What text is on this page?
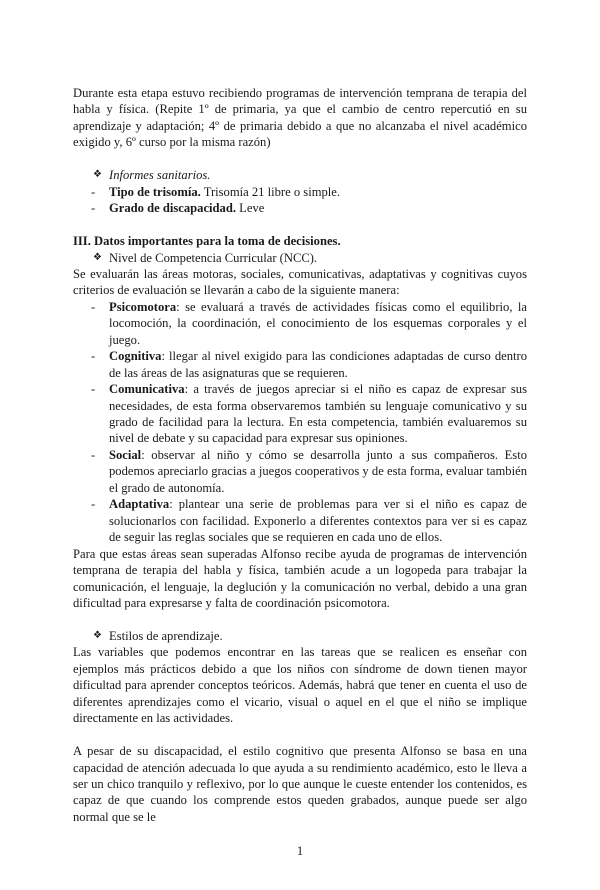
Durante esta etapa estuvo recibiendo programas de intervención temprana de terapia del habla y física. (Repite 1º de primaria, ya que el cambio de centro repercutió en su aprendizaje y adaptación; 4º de primaria debido a que no alcanzaba el nivel académico exigido y, 6º curso por la misma razón)

❖ Informes sanitarios.

- Tipo de trisomía. Trisomía 21 libre o simple.
- Grado de discapacidad. Leve

III. Datos importantes para la toma de decisiones.

❖ Nivel de Competencia Curricular (NCC).

Se evaluarán las áreas motoras, sociales, comunicativas, adaptativas y cognitivas cuyos criterios de evaluación se llevarán a cabo de la siguiente manera:

- Psicomotora: se evaluará a través de actividades físicas como el equilibrio, la locomoción, la coordinación, el conocimiento de los esquemas corporales y el juego.
- Cognitiva: llegar al nivel exigido para las condiciones adaptadas de curso dentro de las áreas de las asignaturas que se requieren.
- Comunicativa: a través de juegos apreciar si el niño es capaz de expresar sus necesidades, de esta forma observaremos también su lenguaje comunicativo y su grado de facilidad para la lectura. En esta competencia, también evaluaremos su nivel de debate y su capacidad para expresar sus opiniones.
- Social: observar al niño y cómo se desarrolla junto a sus compañeros. Esto podemos apreciarlo gracias a juegos cooperativos y de esta forma, evaluar también el grado de autonomía.
- Adaptativa: plantear una serie de problemas para ver si el niño es capaz de solucionarlos con facilidad. Exponerlo a diferentes contextos para ver si es capaz de seguir las reglas sociales que se requieren en cada uno de ellos.

Para que estas áreas sean superadas Alfonso recibe ayuda de programas de intervención temprana de terapia del habla y física, también acude a un logopeda para trabajar la comunicación, el lenguaje, la deglución y la comunicación no verbal, debido a una gran dificultad para expresarse y falta de coordinación psicomotora.

❖ Estilos de aprendizaje.

Las variables que podemos encontrar en las tareas que se realicen es enseñar con ejemplos más prácticos debido a que los niños con síndrome de down tienen mayor dificultad para aprender conceptos teóricos. Además, habrá que tener en cuenta el uso de diferentes aprendizajes como el vicario, visual o aquel en el que el niño se implique directamente en las actividades.

A pesar de su discapacidad, el estilo cognitivo que presenta Alfonso se basa en una capacidad de atención adecuada lo que ayuda a su rendimiento académico, esto le lleva a ser un chico tranquilo y reflexivo, por lo que aunque le cueste entender los contenidos, es capaz de que cuando los comprende estos queden grabados, aunque puede ser algo normal que se le

1
